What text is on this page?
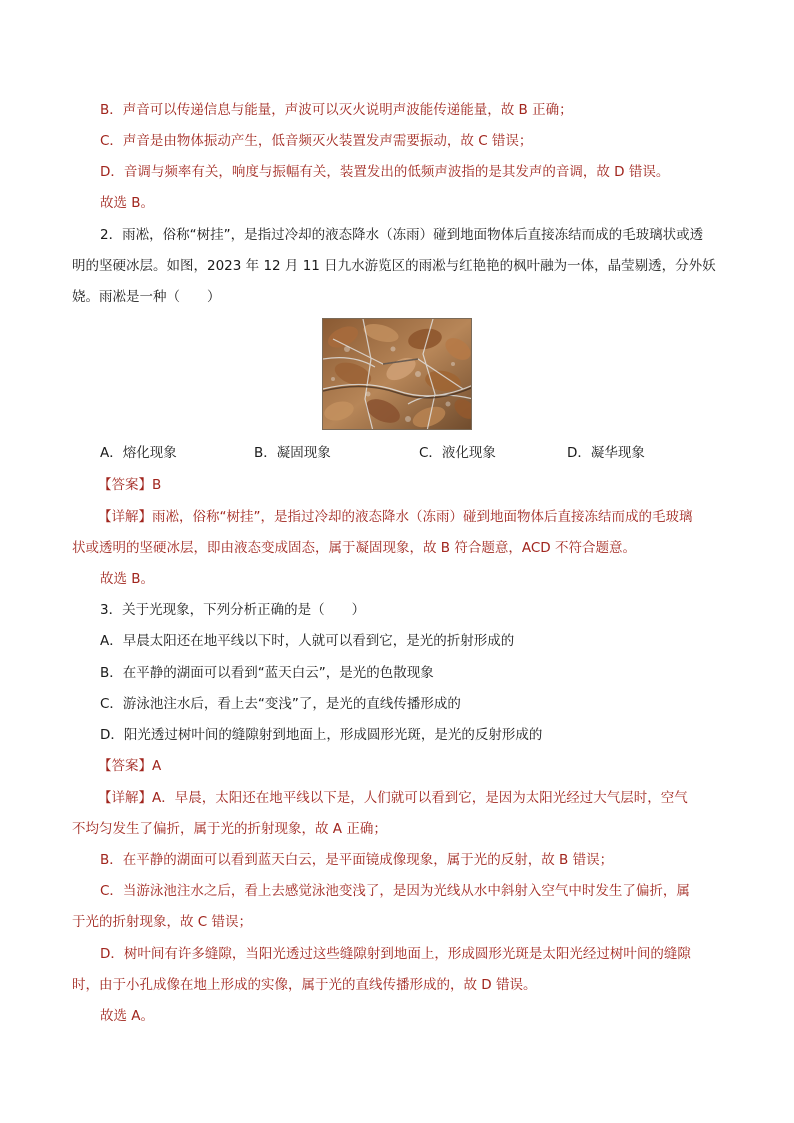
B．声音可以传递信息与能量，声波可以灭火说明声波能传递能量，故 B 正确；
C．声音是由物体振动产生，低音频灭火装置发声需要振动，故 C 错误；
D．音调与频率有关，响度与振幅有关，装置发出的低频声波指的是其发声的音调，故 D 错误。
故选 B。
2．雨凇，俗称“树挂”，是指过冷却的液态降水（冻雨）碰到地面物体后直接冻结而成的毛玻璃状或透
明的坚硬冰层。如图，2023 年 12 月 11 日九水游览区的雨凇与红艳艳的枫叶融为一体，晶莹剔透，分外妖
娆。雨凇是一种（　　）
A．熔化现象	B．凝固现象	C．液化现象	D．凝华现象
【答案】B
【详解】雨凇，俗称“树挂”，是指过冷却的液态降水（冻雨）碰到地面物体后直接冻结而成的毛玻璃
状或透明的坚硬冰层，即由液态变成固态，属于凝固现象，故 B 符合题意，ACD 不符合题意。
故选 B。
3．关于光现象，下列分析正确的是（　　）
A．早晨太阳还在地平线以下时，人就可以看到它，是光的折射形成的
B．在平静的湖面可以看到“蓝天白云”，是光的色散现象
C．游泳池注水后，看上去“变浅”了，是光的直线传播形成的
D．阳光透过树叶间的缝隙射到地面上，形成圆形光斑，是光的反射形成的
【答案】A
【详解】A．早晨，太阳还在地平线以下是，人们就可以看到它，是因为太阳光经过大气层时，空气
不均匀发生了偏折，属于光的折射现象，故 A 正确；
B．在平静的湖面可以看到蓝天白云，是平面镜成像现象，属于光的反射，故 B 错误；
C．当游泳池注水之后，看上去感觉泳池变浅了，是因为光线从水中斜射入空气中时发生了偏折，属
于光的折射现象，故 C 错误；
D．树叶间有许多缝隙，当阳光透过这些缝隙射到地面上，形成圆形光斑是太阳光经过树叶间的缝隙
时，由于小孔成像在地上形成的实像，属于光的直线传播形成的，故 D 错误。
故选 A。
